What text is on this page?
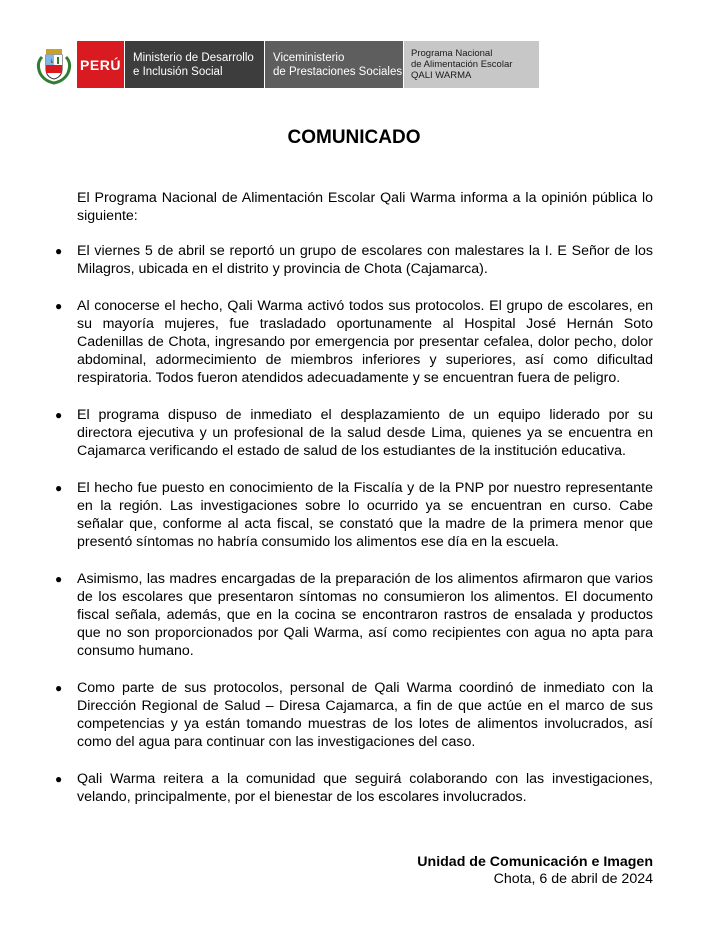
PERÚ Ministerio de Desarrollo
e Inclusión Social
Viceministerio
de Prestaciones Sociales
Programa Nacional
de Alimentación Escolar
QALI WARMA
COMUNICADO

El Programa Nacional de Alimentación Escolar Qali Warma informa a la opinión pública lo siguiente:

● El viernes 5 de abril se reportó un grupo de escolares con malestares la I. E Señor de los Milagros, ubicada en el distrito y provincia de Chota (Cajamarca).
● Al conocerse el hecho, Qali Warma activó todos sus protocolos. El grupo de escolares, en su mayoría mujeres, fue trasladado oportunamente al Hospital José Hernán Soto Cadenillas de Chota, ingresando por emergencia por presentar cefalea, dolor pecho, dolor abdominal, adormecimiento de miembros inferiores y superiores, así como dificultad respiratoria. Todos fueron atendidos adecuadamente y se encuentran fuera de peligro.
● El programa dispuso de inmediato el desplazamiento de un equipo liderado por su directora ejecutiva y un profesional de la salud desde Lima, quienes ya se encuentra en Cajamarca verificando el estado de salud de los estudiantes de la institución educativa.
● El hecho fue puesto en conocimiento de la Fiscalía y de la PNP por nuestro representante en la región. Las investigaciones sobre lo ocurrido ya se encuentran en curso. Cabe señalar que, conforme al acta fiscal, se constató que la madre de la primera menor que presentó síntomas no habría consumido los alimentos ese día en la escuela.
● Asimismo, las madres encargadas de la preparación de los alimentos afirmaron que varios de los escolares que presentaron síntomas no consumieron los alimentos. El documento fiscal señala, además, que en la cocina se encontraron rastros de ensalada y productos que no son proporcionados por Qali Warma, así como recipientes con agua no apta para consumo humano.
● Como parte de sus protocolos, personal de Qali Warma coordinó de inmediato con la Dirección Regional de Salud – Diresa Cajamarca, a fin de que actúe en el marco de sus competencias y ya están tomando muestras de los lotes de alimentos involucrados, así como del agua para continuar con las investigaciones del caso.
● Qali Warma reitera a la comunidad que seguirá colaborando con las investigaciones, velando, principalmente, por el bienestar de los escolares involucrados.
Unidad de Comunicación e Imagen
Chota, 6 de abril de 2024
